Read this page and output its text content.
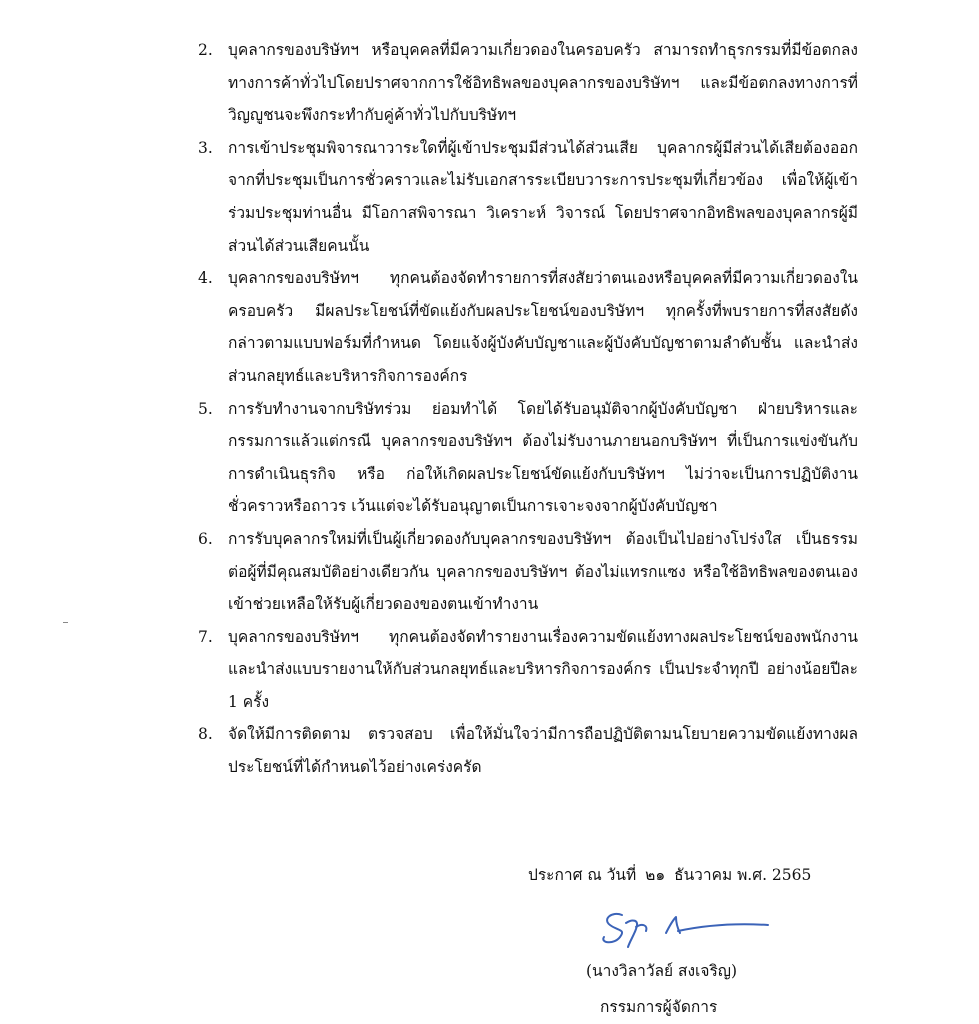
2. บุคลากรของบริษัทฯ หรือบุคคลที่มีความเกี่ยวดองในครอบครัว สามารถทำธุรกรรมที่มีข้อตกลงทางการค้าทั่วไปโดยปราศจากการใช้อิทธิพลของบุคลากรของบริษัทฯ และมีข้อตกลงทางการที่วิญญูชนจะพึงกระทำกับคู่ค้าทั่วไปกับบริษัทฯ
3. การเข้าประชุมพิจารณาวาระใดที่ผู้เข้าประชุมมีส่วนได้ส่วนเสีย บุคลากรผู้มีส่วนได้เสียต้องออกจากที่ประชุมเป็นการชั่วคราวและไม่รับเอกสารระเบียบวาระการประชุมที่เกี่ยวข้อง เพื่อให้ผู้เข้าร่วมประชุมท่านอื่น มีโอกาสพิจารณา วิเคราะห์ วิจารณ์ โดยปราศจากอิทธิพลของบุคลากรผู้มีส่วนได้ส่วนเสียคนนั้น
4. บุคลากรของบริษัทฯ ทุกคนต้องจัดทำรายการที่สงสัยว่าตนเองหรือบุคคลที่มีความเกี่ยวดองในครอบครัว มีผลประโยชน์ที่ขัดแย้งกับผลประโยชน์ของบริษัทฯ ทุกครั้งที่พบรายการที่สงสัยดังกล่าวตามแบบฟอร์มที่กำหนด โดยแจ้งผู้บังคับบัญชาและผู้บังคับบัญชาตามลำดับชั้น และนำส่งส่วนกลยุทธ์และบริหารกิจการองค์กร
5. การรับทำงานจากบริษัทร่วม ย่อมทำได้ โดยได้รับอนุมัติจากผู้บังคับบัญชา ฝ่ายบริหารและกรรมการแล้วแต่กรณี บุคลากรของบริษัทฯ ต้องไม่รับงานภายนอกบริษัทฯ ที่เป็นการแข่งขันกับการดำเนินธุรกิจ หรือ ก่อให้เกิดผลประโยชน์ขัดแย้งกับบริษัทฯ ไม่ว่าจะเป็นการปฏิบัติงานชั่วคราวหรือถาวร เว้นแต่จะได้รับอนุญาตเป็นการเจาะจงจากผู้บังคับบัญชา
6. การรับบุคลากรใหม่ที่เป็นผู้เกี่ยวดองกับบุคลากรของบริษัทฯ ต้องเป็นไปอย่างโปร่งใส เป็นธรรมต่อผู้ที่มีคุณสมบัติอย่างเดียวกัน บุคลากรของบริษัทฯ ต้องไม่แทรกแซง หรือใช้อิทธิพลของตนเองเข้าช่วยเหลือให้รับผู้เกี่ยวดองของตนเข้าทำงาน
7. บุคลากรของบริษัทฯ ทุกคนต้องจัดทำรายงานเรื่องความขัดแย้งทางผลประโยชน์ของพนักงานและนำส่งแบบรายงานให้กับส่วนกลยุทธ์และบริหารกิจการองค์กร เป็นประจำทุกปี อย่างน้อยปีละ 1 ครั้ง
8. จัดให้มีการติดตาม ตรวจสอบ เพื่อให้มั่นใจว่ามีการถือปฏิบัติตามนโยบายความขัดแย้งทางผลประโยชน์ที่ได้กำหนดไว้อย่างเคร่งครัด
ประกาศ ณ วันที่ ๒๑ ธันวาคม พ.ศ. 2565
(นางวิลาวัลย์ สงเจริญ)
กรรมการผู้จัดการ
